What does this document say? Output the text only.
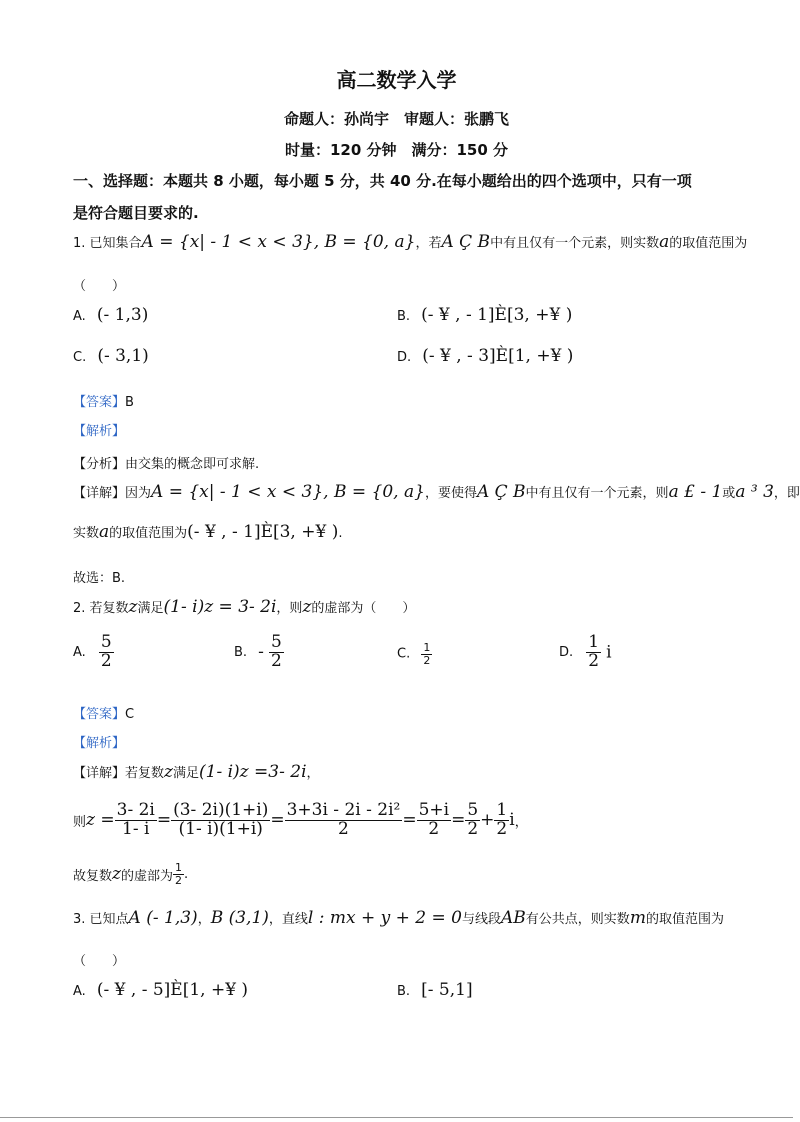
高二数学入学
命题人：孙尚宇　审题人：张鹏飞
时量：120 分钟　满分：150 分
一、选择题：本题共 8 小题，每小题 5 分，共 40 分.在每小题给出的四个选项中，只有一项
是符合题目要求的.
1. 已知集合A = {x| - 1 < x < 3}, B = {0, a}，若A Ç B中有且仅有一个元素，则实数a的取值范围为
（　　）
A. (- 1,3)	B. (- ¥ , - 1]È[3, +¥ )
C. (- 3,1)	D. (- ¥ , - 3]È[1, +¥ )
【答案】B
【解析】
【分析】由交集的概念即可求解.
【详解】因为A = {x| - 1 < x < 3}, B = {0, a}，要使得A Ç B中有且仅有一个元素，则a £ - 1或a ³ 3，即
实数a的取值范围为(- ¥ , - 1]È[3, +¥ ).
故选：B.
2. 若复数z满足(1- i)z = 3- 2i，则z的虚部为（　　）
A. $\frac{5}{2}$	B. - $\frac{5}{2}$	C. $\frac{1}{2}$	D. $\frac{1}{2}$ i
【答案】C
【解析】
【详解】若复数z满足(1- i)z =3- 2i，
则 $z = \frac{3- 2i}{1- i} = \frac{(3- 2i)(1+i)}{(1- i)(1+i)} = \frac{\text{3+3i - 2i - 2i²}}{2} = \frac{5+i}{2} = \frac{5}{2} + \frac{1}{2}$ i ，
故复数 z 的虚部为 $\frac{1}{2}$ .
3. 已知点A (- 1,3)，B (3,1)，直线l : mx + y + 2 = 0与线段AB有公共点，则实数m的取值范围为
（　　）
A. (- ¥ , - 5]È[1, +¥ )	B. [- 5,1]
